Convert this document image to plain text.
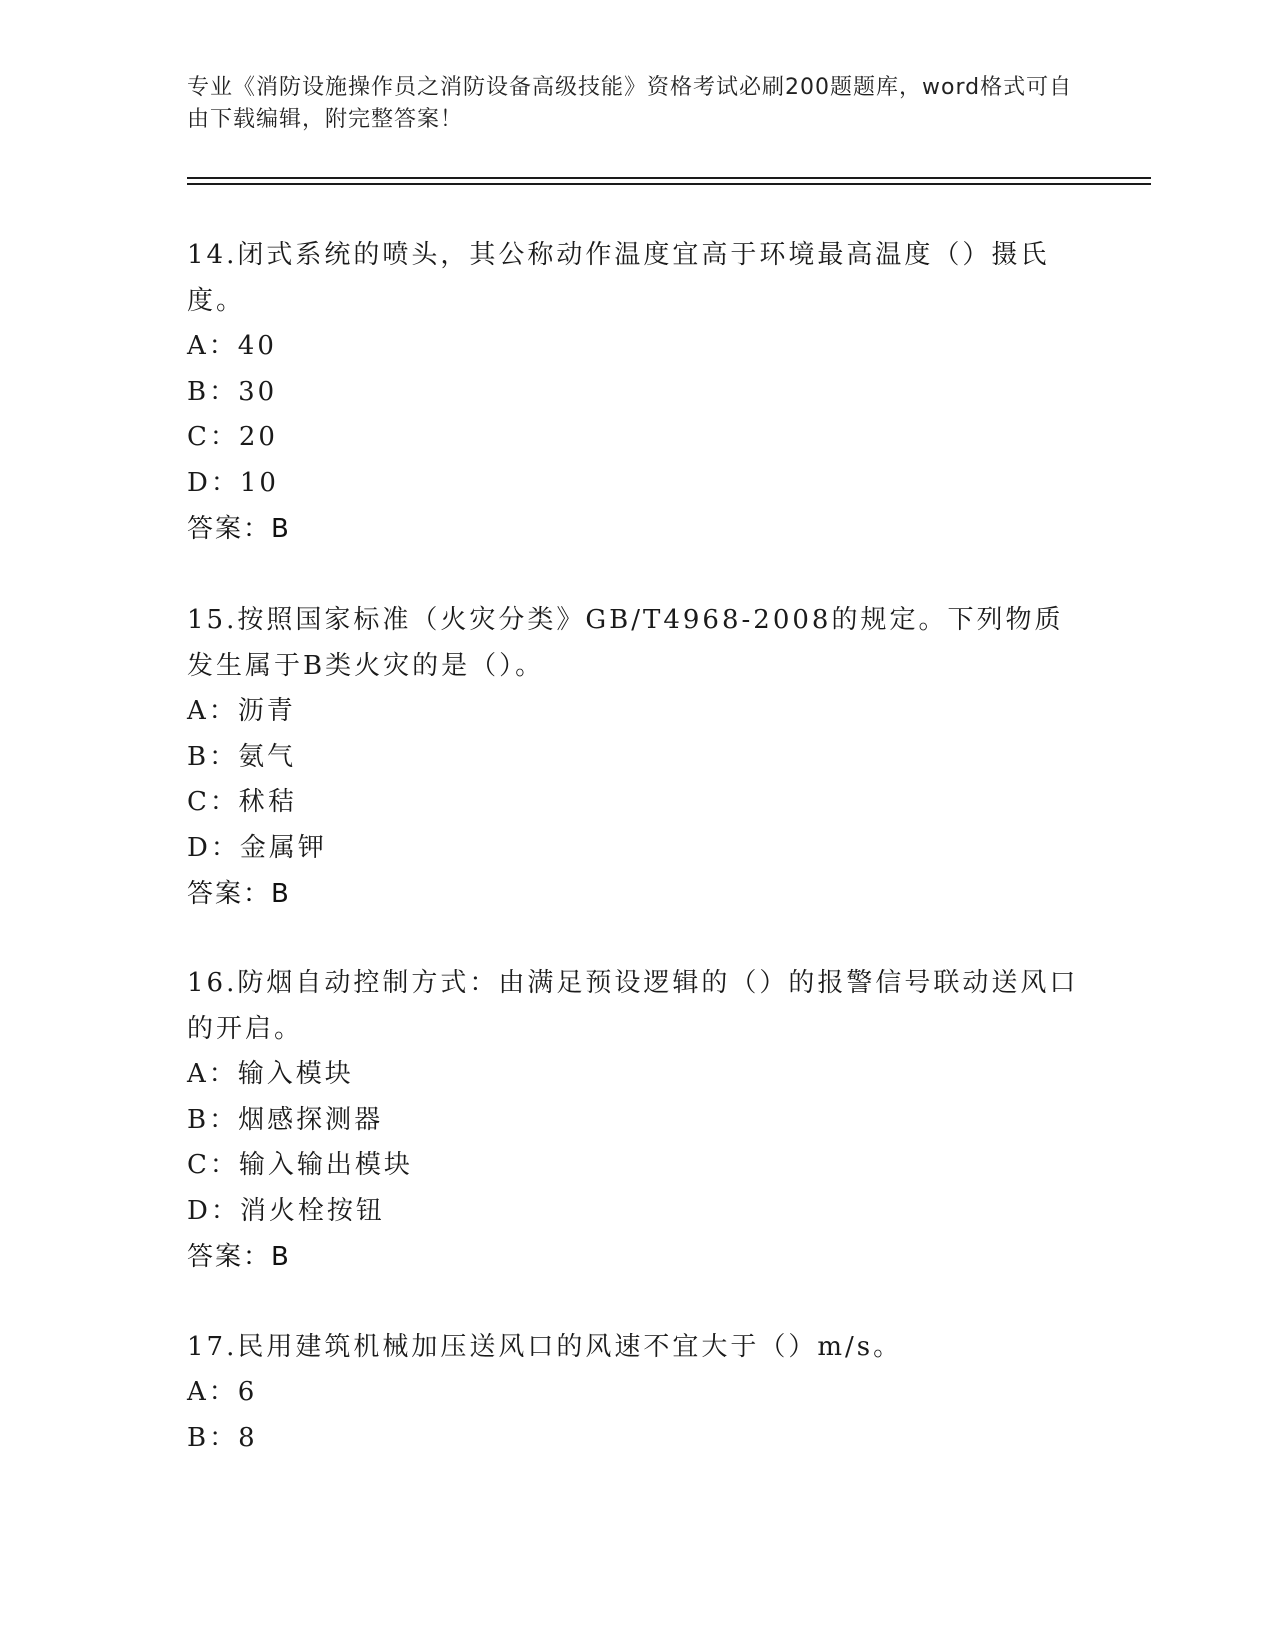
专业《消防设施操作员之消防设备高级技能》资格考试必刷200题题库，word格式可自由下载编辑，附完整答案！
14.闭式系统的喷头，其公称动作温度宜高于环境最高温度（）摄氏度。
A：40
B：30
C：20
D：10
答案：B
15.按照国家标准（火灾分类》GB/T4968-2008的规定。下列物质发生属于B类火灾的是（）。
A：沥青
B：氨气
C：秫秸
D：金属钾
答案：B
16.防烟自动控制方式：由满足预设逻辑的（）的报警信号联动送风口的开启。
A：输入模块
B：烟感探测器
C：输入输出模块
D：消火栓按钮
答案：B
17.民用建筑机械加压送风口的风速不宜大于（）m/s。
A：6
B：8
